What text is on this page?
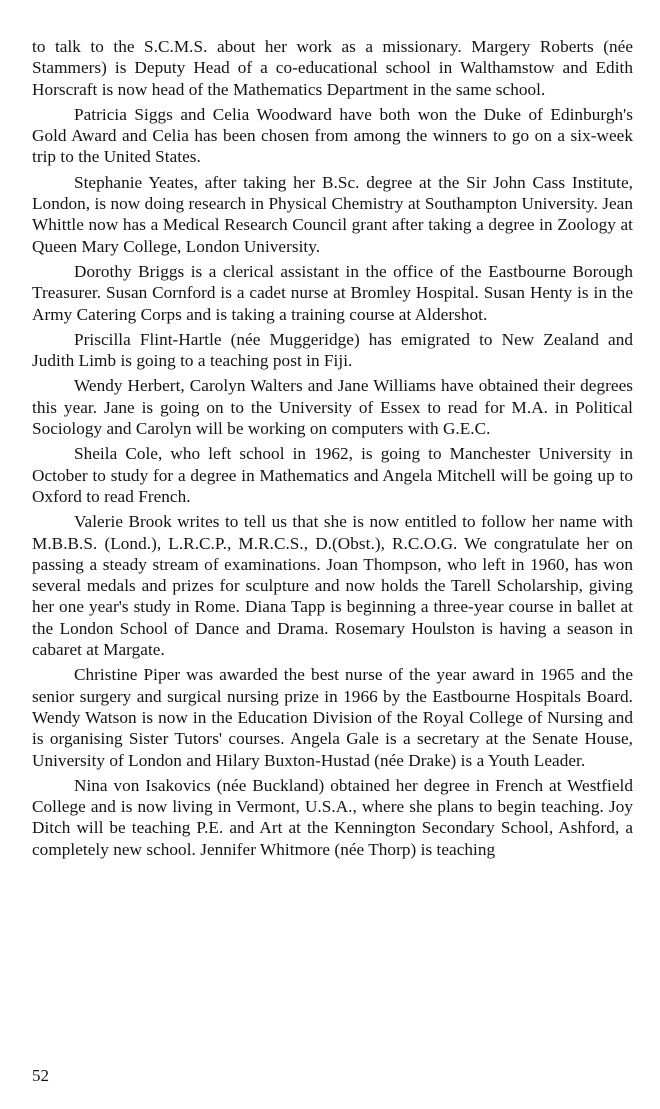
to talk to the S.C.M.S. about her work as a missionary. Margery Roberts (née Stammers) is Deputy Head of a co-educational school in Walthamstow and Edith Horscraft is now head of the Mathematics Department in the same school.

Patricia Siggs and Celia Woodward have both won the Duke of Edinburgh's Gold Award and Celia has been chosen from among the winners to go on a six-week trip to the United States.

Stephanie Yeates, after taking her B.Sc. degree at the Sir John Cass Institute, London, is now doing research in Physical Chemistry at Southampton University. Jean Whittle now has a Medical Research Council grant after taking a degree in Zoology at Queen Mary College, London University.

Dorothy Briggs is a clerical assistant in the office of the Eastbourne Borough Treasurer. Susan Cornford is a cadet nurse at Bromley Hospital. Susan Henty is in the Army Catering Corps and is taking a training course at Aldershot.

Priscilla Flint-Hartle (née Muggeridge) has emigrated to New Zealand and Judith Limb is going to a teaching post in Fiji.

Wendy Herbert, Carolyn Walters and Jane Williams have obtained their degrees this year. Jane is going on to the University of Essex to read for M.A. in Political Sociology and Carolyn will be working on computers with G.E.C.

Sheila Cole, who left school in 1962, is going to Manchester University in October to study for a degree in Mathematics and Angela Mitchell will be going up to Oxford to read French.

Valerie Brook writes to tell us that she is now entitled to follow her name with M.B.B.S. (Lond.), L.R.C.P., M.R.C.S., D.(Obst.), R.C.O.G. We congratulate her on passing a steady stream of examinations. Joan Thompson, who left in 1960, has won several medals and prizes for sculpture and now holds the Tarell Scholarship, giving her one year's study in Rome. Diana Tapp is beginning a three-year course in ballet at the London School of Dance and Drama. Rosemary Houlston is having a season in cabaret at Margate.

Christine Piper was awarded the best nurse of the year award in 1965 and the senior surgery and surgical nursing prize in 1966 by the Eastbourne Hospitals Board. Wendy Watson is now in the Education Division of the Royal College of Nursing and is organising Sister Tutors' courses. Angela Gale is a secretary at the Senate House, University of London and Hilary Buxton-Hustad (née Drake) is a Youth Leader.

Nina von Isakovics (née Buckland) obtained her degree in French at Westfield College and is now living in Vermont, U.S.A., where she plans to begin teaching. Joy Ditch will be teaching P.E. and Art at the Kennington Secondary School, Ashford, a completely new school. Jennifer Whitmore (née Thorp) is teaching

52
